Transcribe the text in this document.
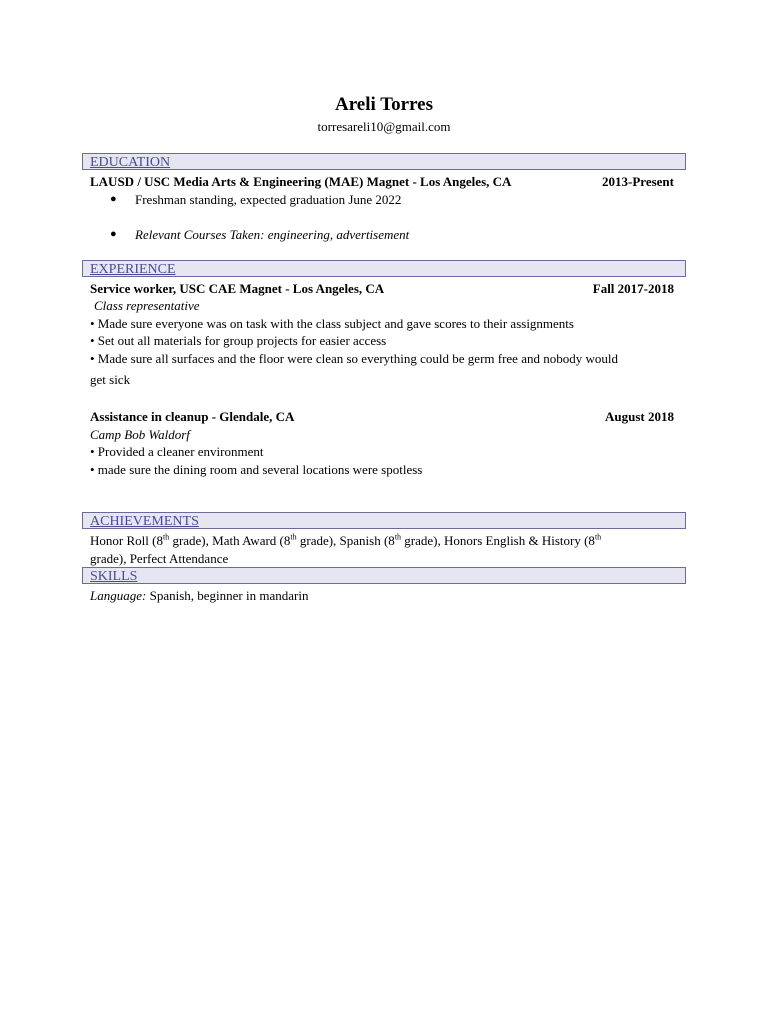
Areli Torres
torresareli10@gmail.com
EDUCATION
LAUSD / USC Media Arts & Engineering (MAE) Magnet - Los Angeles, CA	2013-Present
● Freshman standing, expected graduation June 2022
● Relevant Courses Taken: engineering, advertisement
EXPERIENCE
Service worker, USC CAE Magnet - Los Angeles, CA	Fall 2017-2018
Class representative
• Made sure everyone was on task with the class subject and gave scores to their assignments
• Set out all materials for group projects for easier access
• Made sure all surfaces and the floor were clean so everything could be germ free and nobody would
get sick
Assistance in cleanup - Glendale, CA	August 2018
Camp Bob Waldorf
• Provided a cleaner environment
• made sure the dining room and several locations were spotless
ACHIEVEMENTS
Honor Roll (8th grade), Math Award (8th grade), Spanish (8th grade), Honors English & History (8th
grade), Perfect Attendance
SKILLS
Language: Spanish, beginner in mandarin
